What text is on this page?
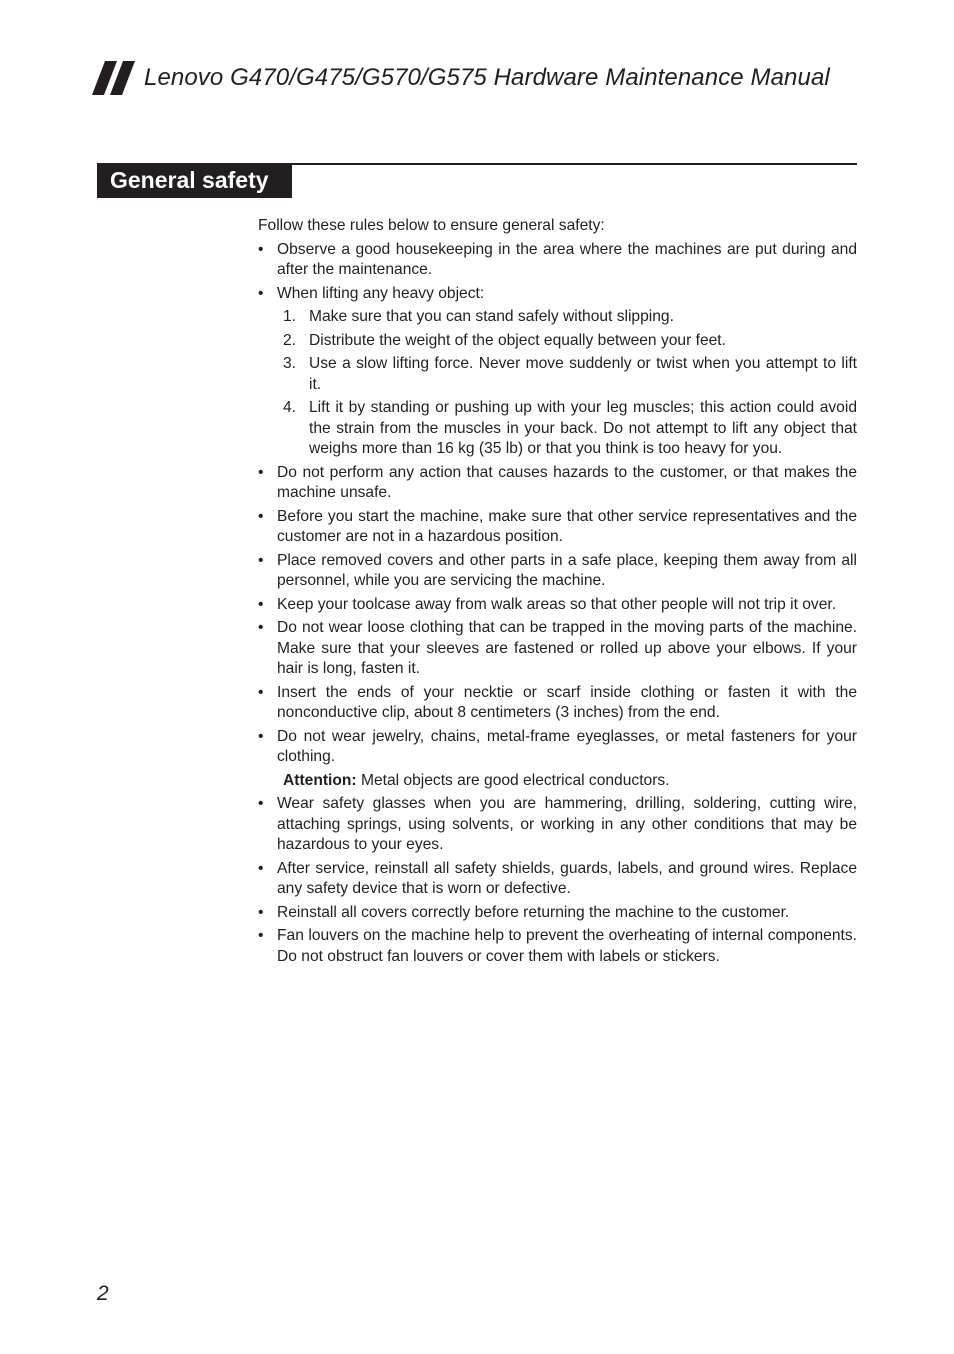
Lenovo G470/G475/G570/G575 Hardware Maintenance Manual
General safety

Follow these rules below to ensure general safety:

• Observe a good housekeeping in the area where the machines are put during and after the maintenance.
• When lifting any heavy object:
1. Make sure that you can stand safely without slipping.
2. Distribute the weight of the object equally between your feet.
3. Use a slow lifting force. Never move suddenly or twist when you attempt to lift it.
4. Lift it by standing or pushing up with your leg muscles; this action could avoid the strain from the muscles in your back. Do not attempt to lift any object that weighs more than 16 kg (35 lb) or that you think is too heavy for you.
• Do not perform any action that causes hazards to the customer, or that makes the machine unsafe.
• Before you start the machine, make sure that other service representatives and the customer are not in a hazardous position.
• Place removed covers and other parts in a safe place, keeping them away from all personnel, while you are servicing the machine.
• Keep your toolcase away from walk areas so that other people will not trip it over.
• Do not wear loose clothing that can be trapped in the moving parts of the machine. Make sure that your sleeves are fastened or rolled up above your elbows. If your hair is long, fasten it.
• Insert the ends of your necktie or scarf inside clothing or fasten it with the nonconductive clip, about 8 centimeters (3 inches) from the end.
• Do not wear jewelry, chains, metal-frame eyeglasses, or metal fasteners for your clothing.
Attention: Metal objects are good electrical conductors.
• Wear safety glasses when you are hammering, drilling, soldering, cutting wire, attaching springs, using solvents, or working in any other conditions that may be hazardous to your eyes.
• After service, reinstall all safety shields, guards, labels, and ground wires. Replace any safety device that is worn or defective.
• Reinstall all covers correctly before returning the machine to the customer.
• Fan louvers on the machine help to prevent the overheating of internal components. Do not obstruct fan louvers or cover them with labels or stickers.
2
